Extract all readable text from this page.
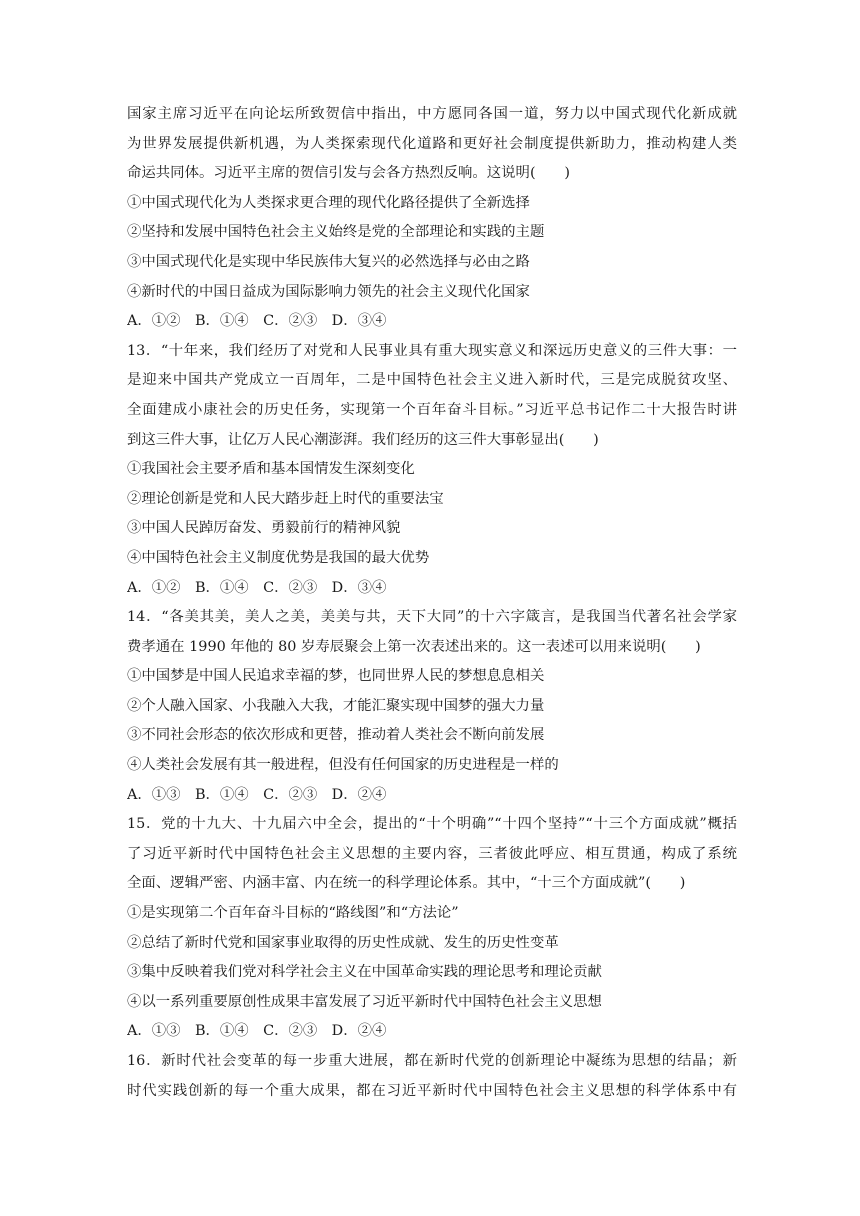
国家主席习近平在向论坛所致贺信中指出，中方愿同各国一道，努力以中国式现代化新成就
为世界发展提供新机遇，为人类探索现代化道路和更好社会制度提供新助力，推动构建人类
命运共同体。习近平主席的贺信引发与会各方热烈反响。这说明(　　)
①中国式现代化为人类探求更合理的现代化路径提供了全新选择
②坚持和发展中国特色社会主义始终是党的全部理论和实践的主题
③中国式现代化是实现中华民族伟大复兴的必然选择与必由之路
④新时代的中国日益成为国际影响力领先的社会主义现代化国家
A．①②　B．①④　C．②③　D．③④
13．“十年来，我们经历了对党和人民事业具有重大现实意义和深远历史意义的三件大事：一
是迎来中国共产党成立一百周年，二是中国特色社会主义进入新时代，三是完成脱贫攻坚、
全面建成小康社会的历史任务，实现第一个百年奋斗目标。”习近平总书记作二十大报告时讲
到这三件大事，让亿万人民心潮澎湃。我们经历的这三件大事彰显出(　　)
①我国社会主要矛盾和基本国情发生深刻变化
②理论创新是党和人民大踏步赶上时代的重要法宝
③中国人民踔厉奋发、勇毅前行的精神风貌
④中国特色社会主义制度优势是我国的最大优势
A．①②　B．①④　C．②③　D．③④
14．“各美其美，美人之美，美美与共，天下大同”的十六字箴言，是我国当代著名社会学家
费孝通在 1990 年他的 80 岁寿辰聚会上第一次表述出来的。这一表述可以用来说明(　　)
①中国梦是中国人民追求幸福的梦，也同世界人民的梦想息息相关
②个人融入国家、小我融入大我，才能汇聚实现中国梦的强大力量
③不同社会形态的依次形成和更替，推动着人类社会不断向前发展
④人类社会发展有其一般进程，但没有任何国家的历史进程是一样的
A．①③　B．①④　C．②③　D．②④
15．党的十九大、十九届六中全会，提出的“十个明确”“十四个坚持”“十三个方面成就”概括
了习近平新时代中国特色社会主义思想的主要内容，三者彼此呼应、相互贯通，构成了系统
全面、逻辑严密、内涵丰富、内在统一的科学理论体系。其中，“十三个方面成就”(　　)
①是实现第二个百年奋斗目标的“路线图”和“方法论”
②总结了新时代党和国家事业取得的历史性成就、发生的历史性变革
③集中反映着我们党对科学社会主义在中国革命实践的理论思考和理论贡献
④以一系列重要原创性成果丰富发展了习近平新时代中国特色社会主义思想
A．①③　B．①④　C．②③　D．②④
16．新时代社会变革的每一步重大进展，都在新时代党的创新理论中凝练为思想的结晶；新
时代实践创新的每一个重大成果，都在习近平新时代中国特色社会主义思想的科学体系中有
